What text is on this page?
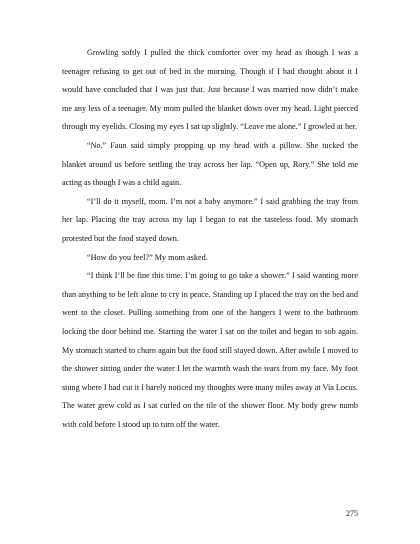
Growling softly I pulled the thick comforter over my head as though I was a teenager refusing to get out of bed in the morning. Though if I had thought about it I would have concluded that I was just that. Just because I was married now didn’t make me any less of a teenager. My mom pulled the blanket down over my head. Light pierced through my eyelids. Closing my eyes I sat up slightly. “Leave me alone.” I growled at her.

“No.” Faun said simply propping up my head with a pillow. She tucked the blanket around us before settling the tray across her lap. “Open up, Rory.” She told me acting as though I was a child again.

“I’ll do it myself, mom. I’m not a baby anymore.” I said grabbing the tray from her lap. Placing the tray across my lap I began to eat the tasteless food. My stomach protested but the food stayed down.

“How do you feel?” My mom asked.

“I think I’ll be fine this time. I’m going to go take a shower.” I said wanting more than anything to be left alone to cry in peace. Standing up I placed the tray on the bed and went to the closet. Pulling something from one of the hangers I went to the bathroom locking the door behind me. Starting the water I sat on the toilet and began to sob again. My stomach started to churn again but the food still stayed down. After awhile I moved to the shower sitting under the water I let the warmth wash the tears from my face. My foot stung where I had cut it I barely noticed my thoughts were many miles away at Via Locus. The water grew cold as I sat curled on the tile of the shower floor. My body grew numb with cold before I stood up to turn off the water.

275
